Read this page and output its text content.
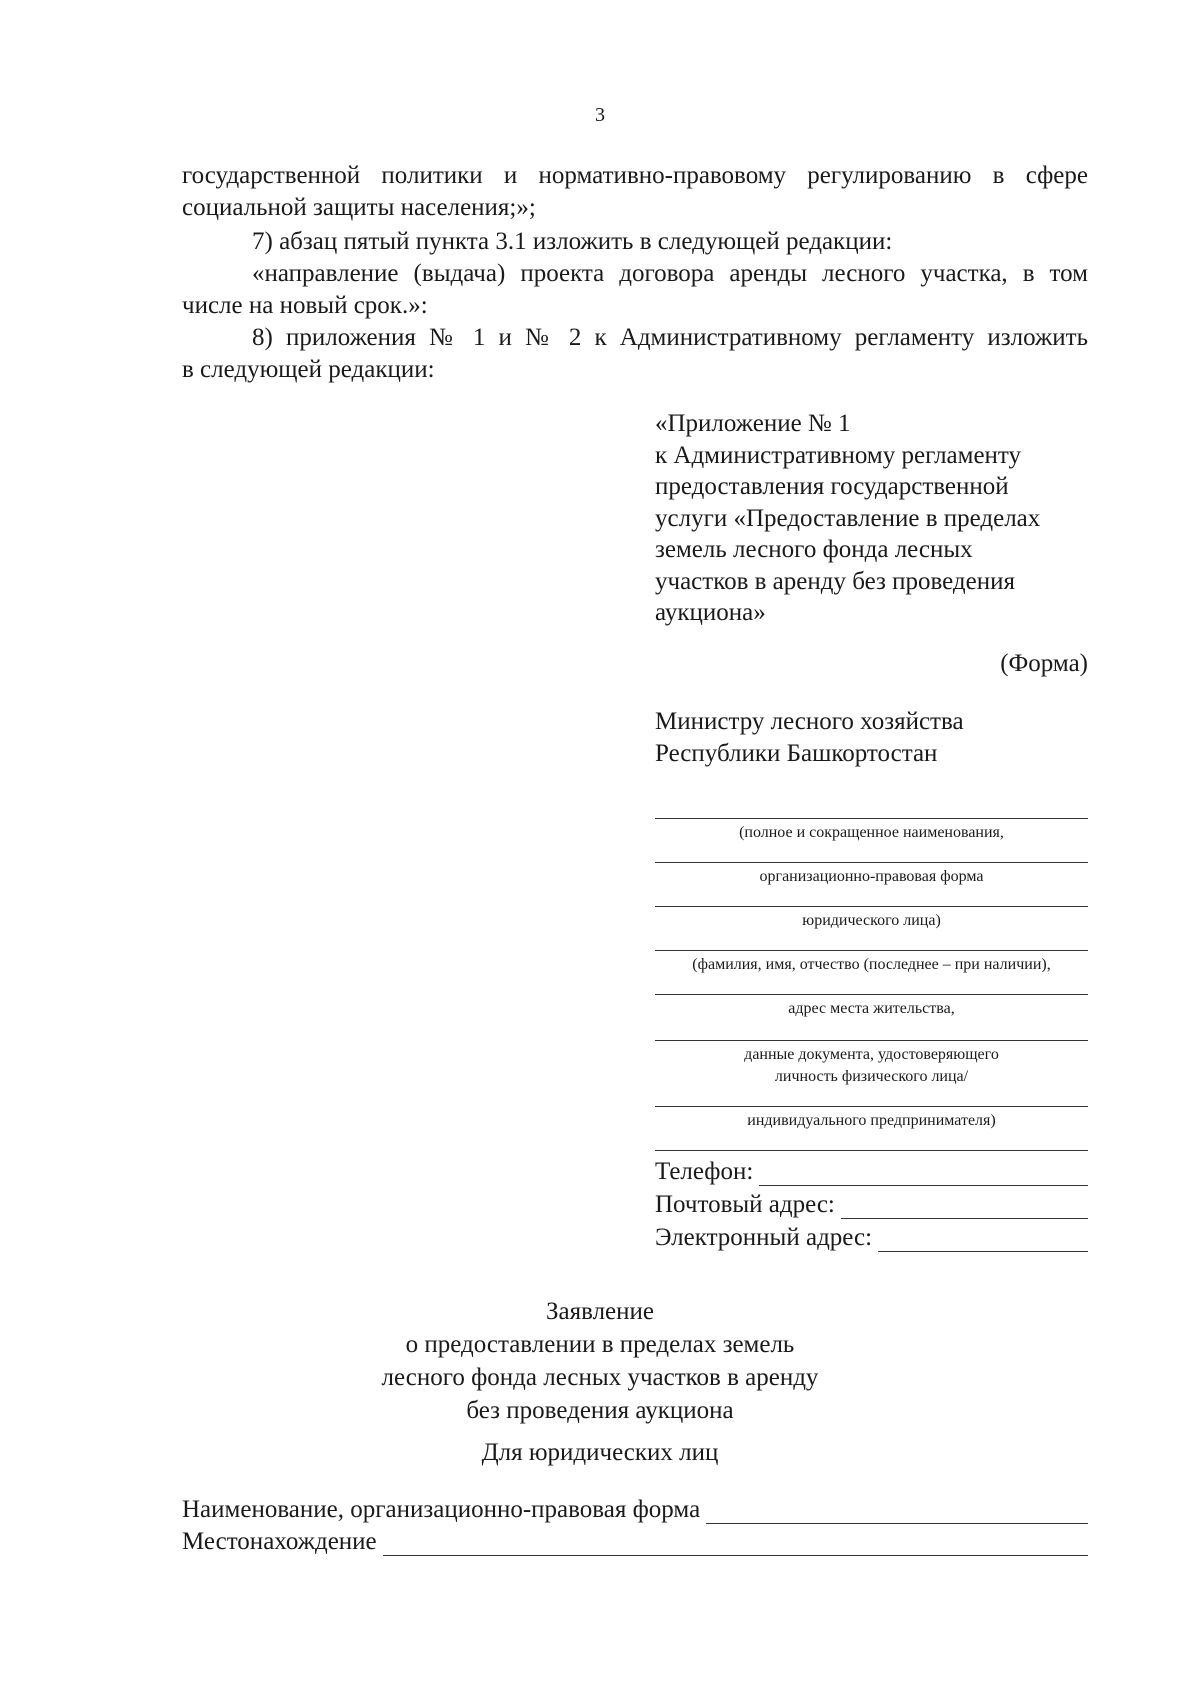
3
государственной политики и нормативно-правовому регулированию в сфере
социальной защиты населения;»;
7) абзац пятый пункта 3.1 изложить в следующей редакции:
«направление (выдача) проекта договора аренды лесного участка, в том
числе на новый срок.»:
8) приложения № 1 и № 2 к Административному регламенту изложить
в следующей редакции:
«Приложение № 1
к Административному регламенту
предоставления государственной
услуги «Предоставление в пределах
земель лесного фонда лесных
участков в аренду без проведения
аукциона»
(Форма)
Министру лесного хозяйства
Республики Башкортостан
(полное и сокращенное наименования,
организационно-правовая форма
юридического лица)
(фамилия, имя, отчество (последнее – при наличии),
адрес места жительства,
данные документа, удостоверяющего
личность физического лица/
индивидуального предпринимателя)
Телефон:
Почтовый адрес:
Электронный адрес:
Заявление
о предоставлении в пределах земель
лесного фонда лесных участков в аренду
без проведения аукциона
Для юридических лиц
Наименование, организационно-правовая форма
Местонахождение
